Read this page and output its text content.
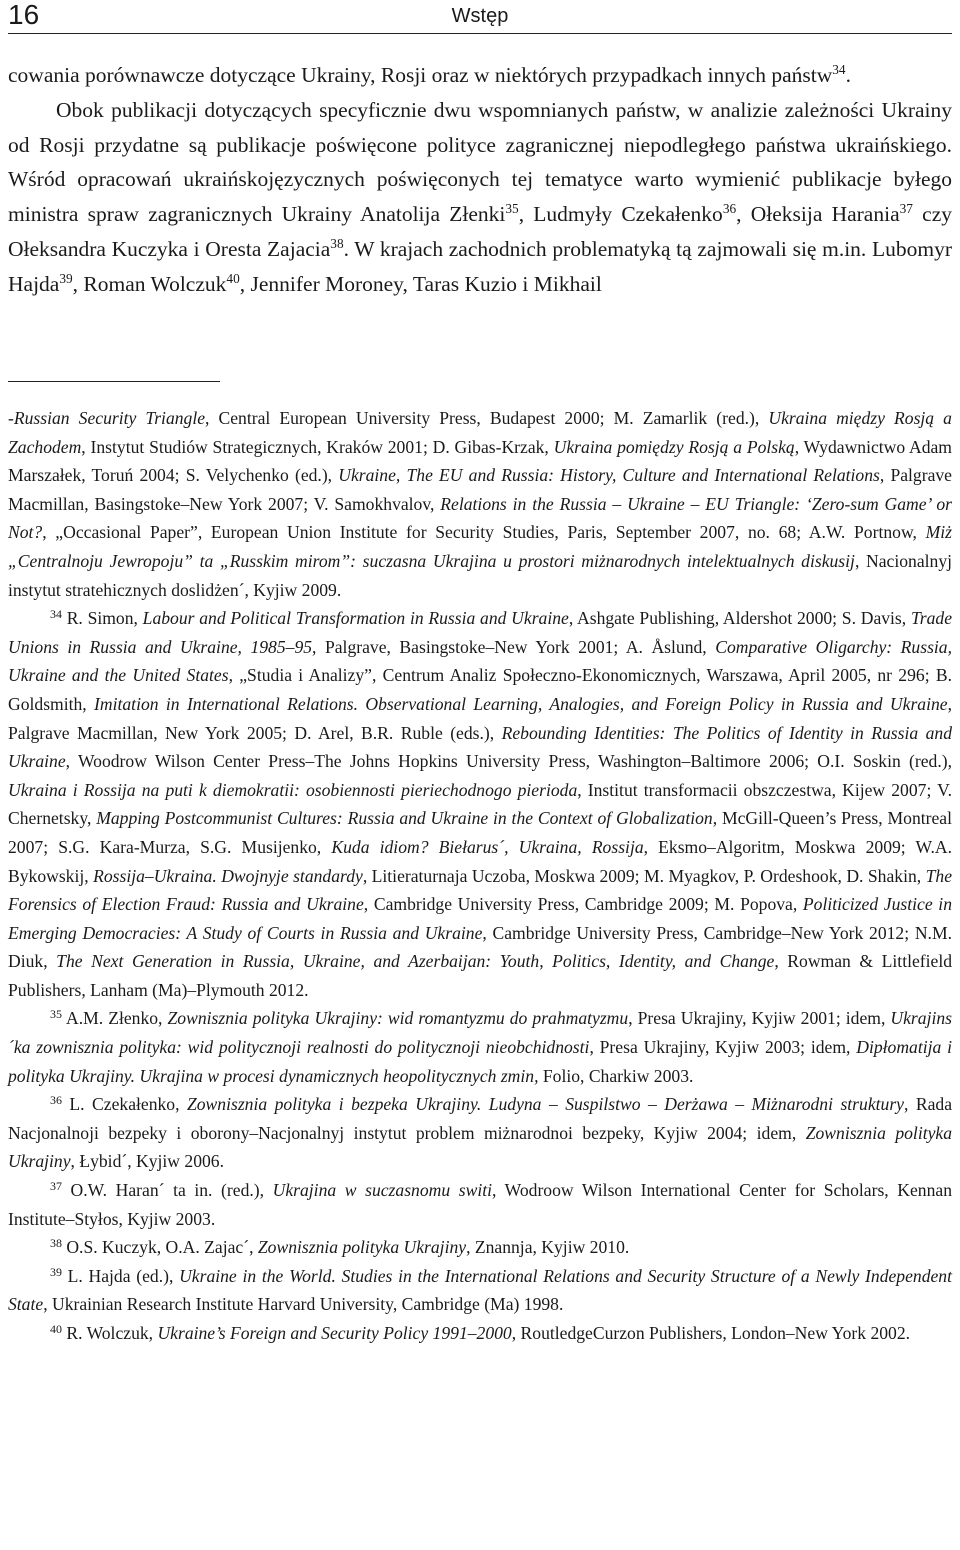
16	Wstęp

cowania porównawcze dotyczące Ukrainy, Rosji oraz w niektórych przypadkach innych państw$^{34}$.

Obok publikacji dotyczących specyficznie dwu wspomnianych państw, w analizie zależności Ukrainy od Rosji przydatne są publikacje poświęcone polityce zagranicznej niepodległego państwa ukraińskiego. Wśród opracowań ukraińskojęzycznych poświęconych tej tematyce warto wymienić publikacje byłego ministra spraw zagranicznych Ukrainy Anatolija Złenki$^{35}$, Ludmyły Czekałenko$^{36}$, Ołeksija Harania$^{37}$ czy Ołeksandra Kuczyka i Oresta Zajacia$^{38}$. W krajach zachodnich problematyką tą zajmowali się m.in. Lubomyr Hajda$^{39}$, Roman Wolczuk$^{40}$, Jennifer Moroney, Taras Kuzio i Mikhail

-Russian Security Triangle, Central European University Press, Budapest 2000; M. Zamarlik (red.), Ukraina między Rosją a Zachodem, Instytut Studiów Strategicznych, Kraków 2001; D. Gibas-Krzak, Ukraina pomiędzy Rosją a Polską, Wydawnictwo Adam Marszałek, Toruń 2004; S. Velychenko (ed.), Ukraine, The EU and Russia: History, Culture and International Relations, Palgrave Macmillan, Basingstoke–New York 2007; V. Samokhvalov, Relations in the Russia – Ukraine – EU Triangle: ‘Zero-sum Game’ or Not?, „Occasional Paper”, European Union Institute for Security Studies, Paris, September 2007, no. 68; A.W. Portnow, Miż „Centralnoju Jewropoju” ta „Russkim mirom”: suczasna Ukrajina u prostori miżnarodnych intelektualnych diskusij, Nacionalnyj instytut stratehicznych doslidżen´, Kyjiw 2009.

$^{34}$ R. Simon, Labour and Political Transformation in Russia and Ukraine, Ashgate Publishing, Aldershot 2000; S. Davis, Trade Unions in Russia and Ukraine, 1985–95, Palgrave, Basingstoke–New York 2001; A. Åslund, Comparative Oligarchy: Russia, Ukraine and the United States, „Studia i Analizy”, Centrum Analiz Społeczno-Ekonomicznych, Warszawa, April 2005, nr 296; B. Goldsmith, Imitation in International Relations. Observational Learning, Analogies, and Foreign Policy in Russia and Ukraine, Palgrave Macmillan, New York 2005; D. Arel, B.R. Ruble (eds.), Rebounding Identities: The Politics of Identity in Russia and Ukraine, Woodrow Wilson Center Press–The Johns Hopkins University Press, Washington–Baltimore 2006; O.I. Soskin (red.), Ukraina i Rossija na puti k diemokratii: osobiennosti pieriechodnogo pierioda, Institut transformacii obszczestwa, Kijew 2007; V. Chernetsky, Mapping Postcommunist Cultures: Russia and Ukraine in the Context of Globalization, McGill-Queen’s Press, Montreal 2007; S.G. Kara-Murza, S.G. Musijenko, Kuda idiom? Biełarus´, Ukraina, Rossija, Eksmo–Algoritm, Moskwa 2009; W.A. Bykowskij, Rossija–Ukraina. Dwojnyje standardy, Litieraturnaja Uczoba, Moskwa 2009; M. Myagkov, P. Ordeshook, D. Shakin, The Forensics of Election Fraud: Russia and Ukraine, Cambridge University Press, Cambridge 2009; M. Popova, Politicized Justice in Emerging Democracies: A Study of Courts in Russia and Ukraine, Cambridge University Press, Cambridge–New York 2012; N.M. Diuk, The Next Generation in Russia, Ukraine, and Azerbaijan: Youth, Politics, Identity, and Change, Rowman & Littlefield Publishers, Lanham (Ma)–Plymouth 2012.

$^{35}$ A.M. Złenko, Zownisznia polityka Ukrajiny: wid romantyzmu do prahmatyzmu, Presa Ukrajiny, Kyjiw 2001; idem, Ukrajins´ka zownisznia polityka: wid politycznoji realnosti do politycznoji nieobchidnosti, Presa Ukrajiny, Kyjiw 2003; idem, Dipłomatija i polityka Ukrajiny. Ukrajina w procesi dynamicznych heopolitycznych zmin, Folio, Charkiw 2003.

$^{36}$ L. Czekałenko, Zownisznia polityka i bezpeka Ukrajiny. Ludyna – Suspilstwo – Derżawa – Miżnarodni struktury, Rada Nacjonalnoji bezpeky i oborony–Nacjonalnyj instytut problem miżnarodnoi bezpeky, Kyjiw 2004; idem, Zownisznia polityka Ukrajiny, Łybid´, Kyjiw 2006.

$^{37}$ O.W. Haran´ ta in. (red.), Ukrajina w suczasnomu switi, Wodroow Wilson International Center for Scholars, Kennan Institute–Styłos, Kyjiw 2003.

$^{38}$ O.S. Kuczyk, O.A. Zajac´, Zownisznia polityka Ukrajiny, Znannja, Kyjiw 2010.

$^{39}$ L. Hajda (ed.), Ukraine in the World. Studies in the International Relations and Security Structure of a Newly Independent State, Ukrainian Research Institute Harvard University, Cambridge (Ma) 1998.

$^{40}$ R. Wolczuk, Ukraine’s Foreign and Security Policy 1991–2000, RoutledgeCurzon Publishers, London–New York 2002.
